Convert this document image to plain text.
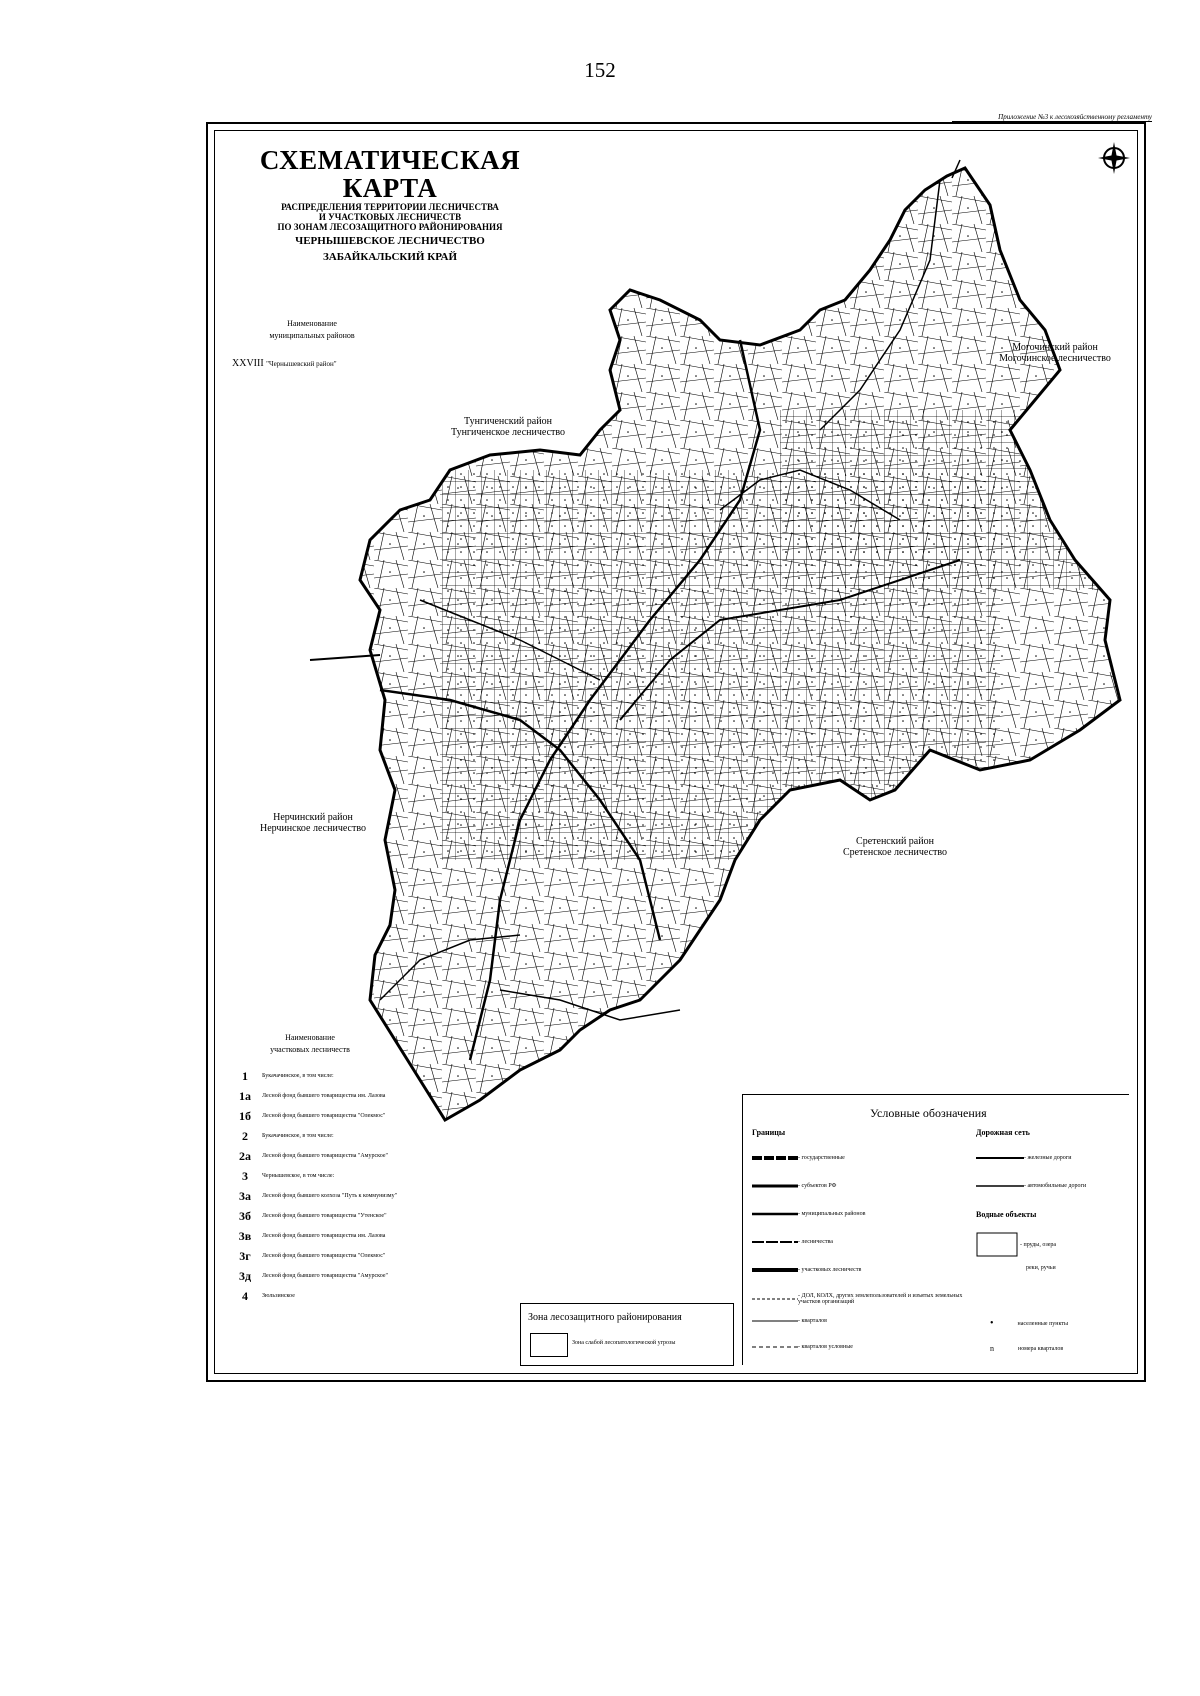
152
Приложение №3 к лесохозяйственному регламенту
СХЕМАТИЧЕСКАЯ КАРТА
РАСПРЕДЕЛЕНИЯ ТЕРРИТОРИИ ЛЕСНИЧЕСТВА
И УЧАСТКОВЫХ ЛЕСНИЧЕСТВ
ПО ЗОНАМ ЛЕСОЗАЩИТНОГО РАЙОНИРОВАНИЯ
ЧЕРНЫШЕВСКОЕ ЛЕСНИЧЕСТВО
ЗАБАЙКАЛЬСКИЙ КРАЙ
Наименование
муниципальных районов
XXVIII "Чернышевский район"
Тунгиченский район
Тунгиченское лесничество
Могочинский район
Могочинское лесничество
Нерчинский район
Нерчинское лесничество
Сретенский район
Сретенское лесничество
Наименование
участковых лесничеств
1	Букачачинское, в том числе:
1а	Лесной фонд бывшего товарищества им. Лазова
1б	Лесной фонд бывшего товарищества "Олекмос"
2	Букачачинское, в том числе:
2а	Лесной фонд бывшего товарищества "Амурское"
3	Чернышевское, в том числе:
3а	Лесной фонд бывшего колхоза "Путь к коммунизму"
3б	Лесной фонд бывшего товарищества "Утенское"
3в	Лесной фонд бывшего товарищества им. Лазова
3г	Лесной фонд бывшего товарищества "Олекмос"
3д	Лесной фонд бывшего товарищества "Амурское"
4	Зюльзинское
Условные обозначения
Границы	Дорожная сеть
Водные объекты
- государственные
- субъектов РФ
- муниципальных районов
- лесничества
- участковых лесничеств
- ДОЛ, КОЛХ, других землепользователей и изъятых земельных участков организаций
- кварталов
- кварталов условные
- железные дороги
- автомобильные дороги
- пруды, озера
реки, ручьи
•	населенные пункты
n	номера кварталов
Зона лесозащитного районирования
Зона слабой лесопатологической угрозы
